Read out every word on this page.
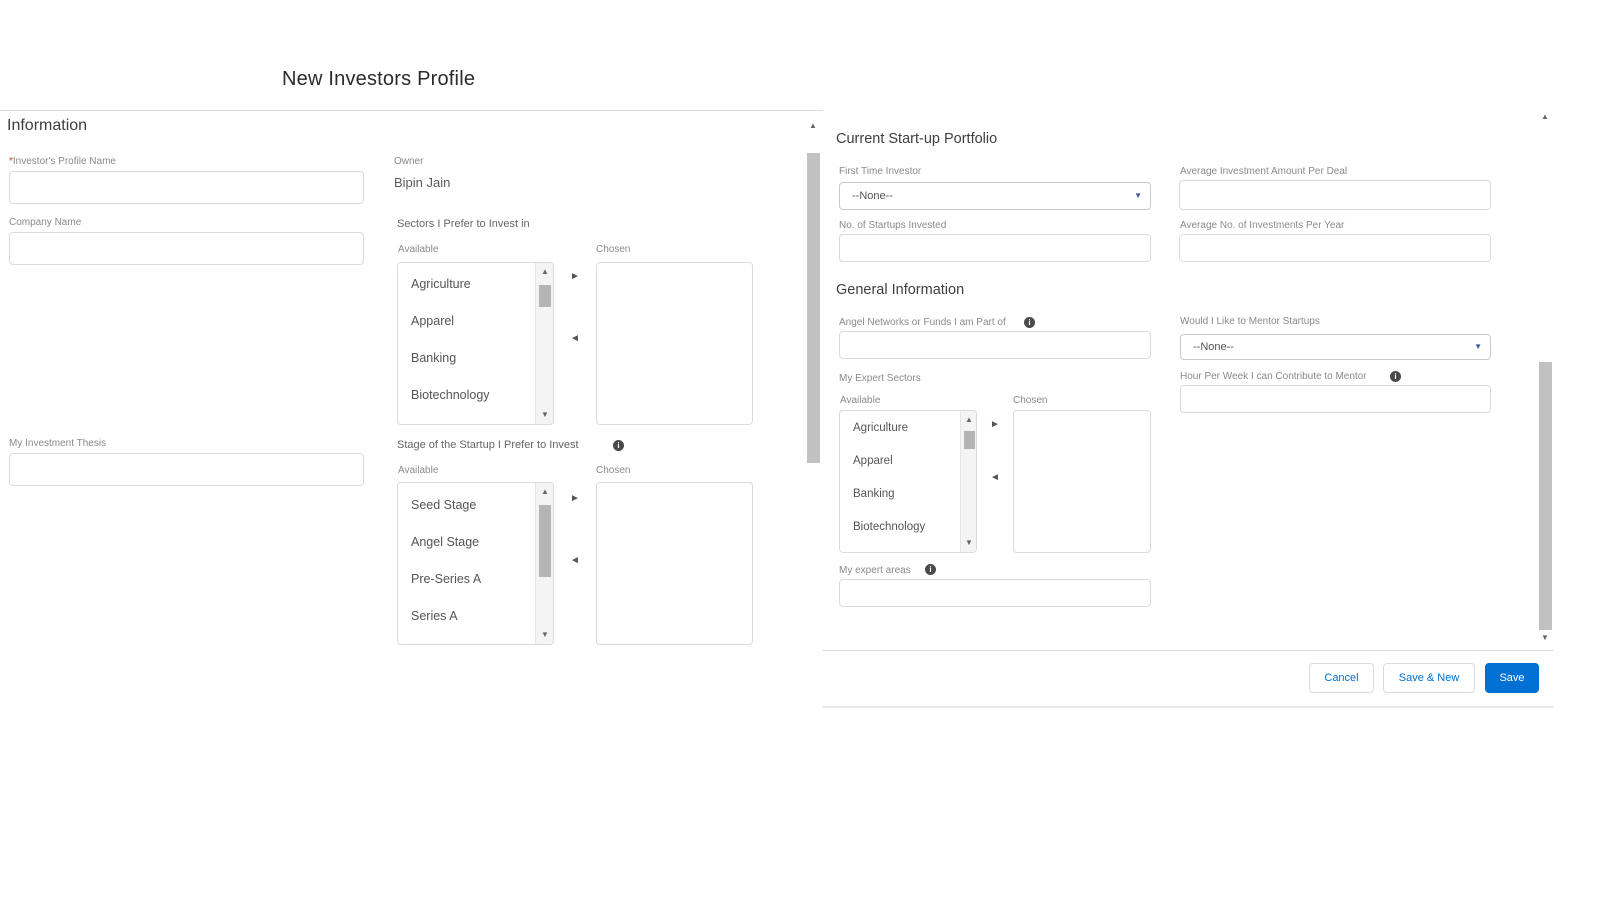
New Investors Profile
Information
*Investor's Profile Name
Company Name
My Investment Thesis
Owner
Bipin Jain
Sectors I Prefer to Invest in
Available	Chosen
Agriculture
Apparel
Banking
Biotechnology
▲
▼
►
◄
Stage of the Startup I Prefer to Invest	i
Available	Chosen
Seed Stage
Angel Stage
Pre-Series A
Series A
▲
▼
►
◄
▲
Current Start-up Portfolio
First Time Investor
--None--	▼
Average Investment Amount Per Deal
No. of Startups Invested	Average No. of Investments Per Year
General Information
Angel Networks or Funds I am Part of	i	Would I Like to Mentor Startups
--None--	▼
Hour Per Week I can Contribute to Mentor	i
My Expert Sectors
Available	Chosen
Agriculture
Apparel
Banking
Biotechnology
▲
▼
►
◄
My expert areas	i
▲
▼
Cancel	Save & New	Save
